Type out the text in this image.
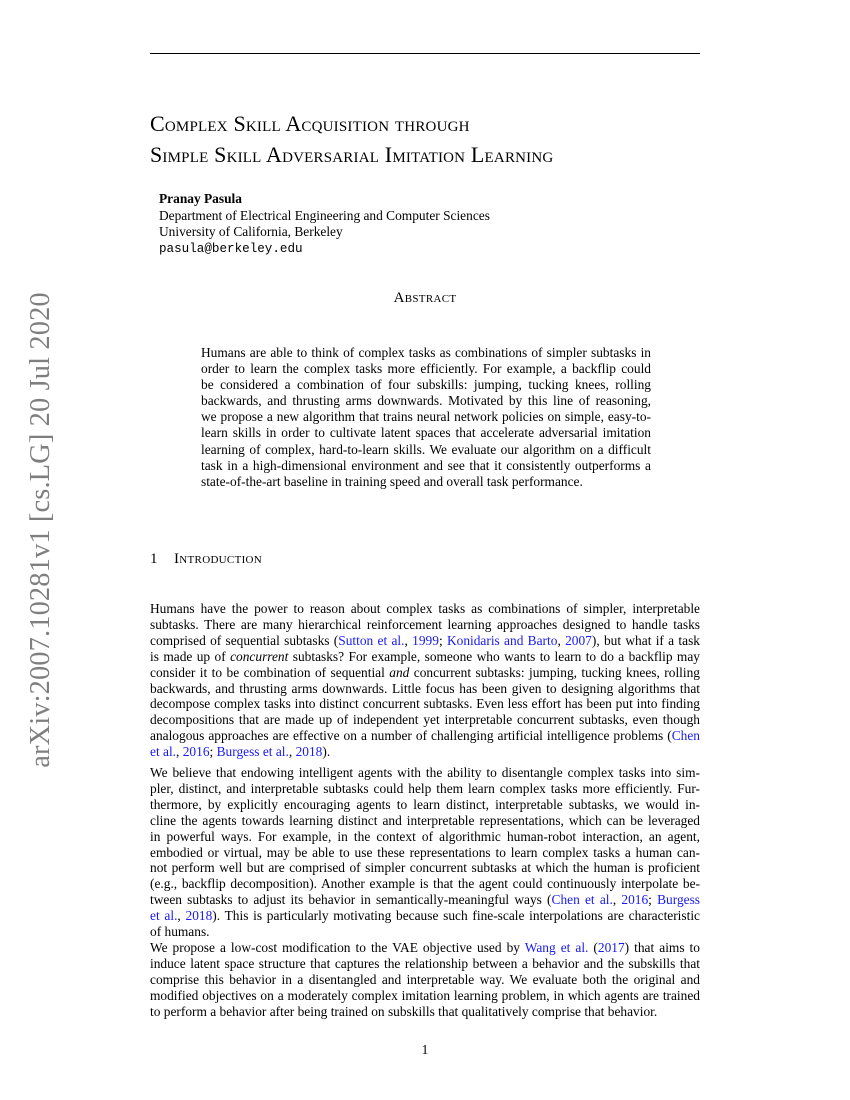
arXiv:2007.10281v1 [cs.LG] 20 Jul 2020
Complex Skill Acquisition through
Simple Skill Adversarial Imitation Learning
Pranay Pasula
Department of Electrical Engineering and Computer Sciences
University of California, Berkeley
pasula@berkeley.edu
Abstract
Humans are able to think of complex tasks as combinations of simpler subtasks in
order to learn the complex tasks more efficiently. For example, a backflip could
be considered a combination of four subskills: jumping, tucking knees, rolling
backwards, and thrusting arms downwards. Motivated by this line of reasoning,
we propose a new algorithm that trains neural network policies on simple, easy-to-
learn skills in order to cultivate latent spaces that accelerate adversarial imitation
learning of complex, hard-to-learn skills. We evaluate our algorithm on a difficult
task in a high-dimensional environment and see that it consistently outperforms a
state-of-the-art baseline in training speed and overall task performance.
1 Introduction
Humans have the power to reason about complex tasks as combinations of simpler, interpretable
subtasks. There are many hierarchical reinforcement learning approaches designed to handle tasks
comprised of sequential subtasks (Sutton et al., 1999; Konidaris and Barto, 2007), but what if a task
is made up of concurrent subtasks? For example, someone who wants to learn to do a backflip may
consider it to be combination of sequential and concurrent subtasks: jumping, tucking knees, rolling
backwards, and thrusting arms downwards. Little focus has been given to designing algorithms that
decompose complex tasks into distinct concurrent subtasks. Even less effort has been put into finding
decompositions that are made up of independent yet interpretable concurrent subtasks, even though
analogous approaches are effective on a number of challenging artificial intelligence problems (Chen
et al., 2016; Burgess et al., 2018).
We believe that endowing intelligent agents with the ability to disentangle complex tasks into sim-
pler, distinct, and interpretable subtasks could help them learn complex tasks more efficiently. Fur-
thermore, by explicitly encouraging agents to learn distinct, interpretable subtasks, we would in-
cline the agents towards learning distinct and interpretable representations, which can be leveraged
in powerful ways. For example, in the context of algorithmic human-robot interaction, an agent,
embodied or virtual, may be able to use these representations to learn complex tasks a human can-
not perform well but are comprised of simpler concurrent subtasks at which the human is proficient
(e.g., backflip decomposition). Another example is that the agent could continuously interpolate be-
tween subtasks to adjust its behavior in semantically-meaningful ways (Chen et al., 2016; Burgess
et al., 2018). This is particularly motivating because such fine-scale interpolations are characteristic
of humans.
We propose a low-cost modification to the VAE objective used by Wang et al. (2017) that aims to
induce latent space structure that captures the relationship between a behavior and the subskills that
comprise this behavior in a disentangled and interpretable way. We evaluate both the original and
modified objectives on a moderately complex imitation learning problem, in which agents are trained
to perform a behavior after being trained on subskills that qualitatively comprise that behavior.
1
